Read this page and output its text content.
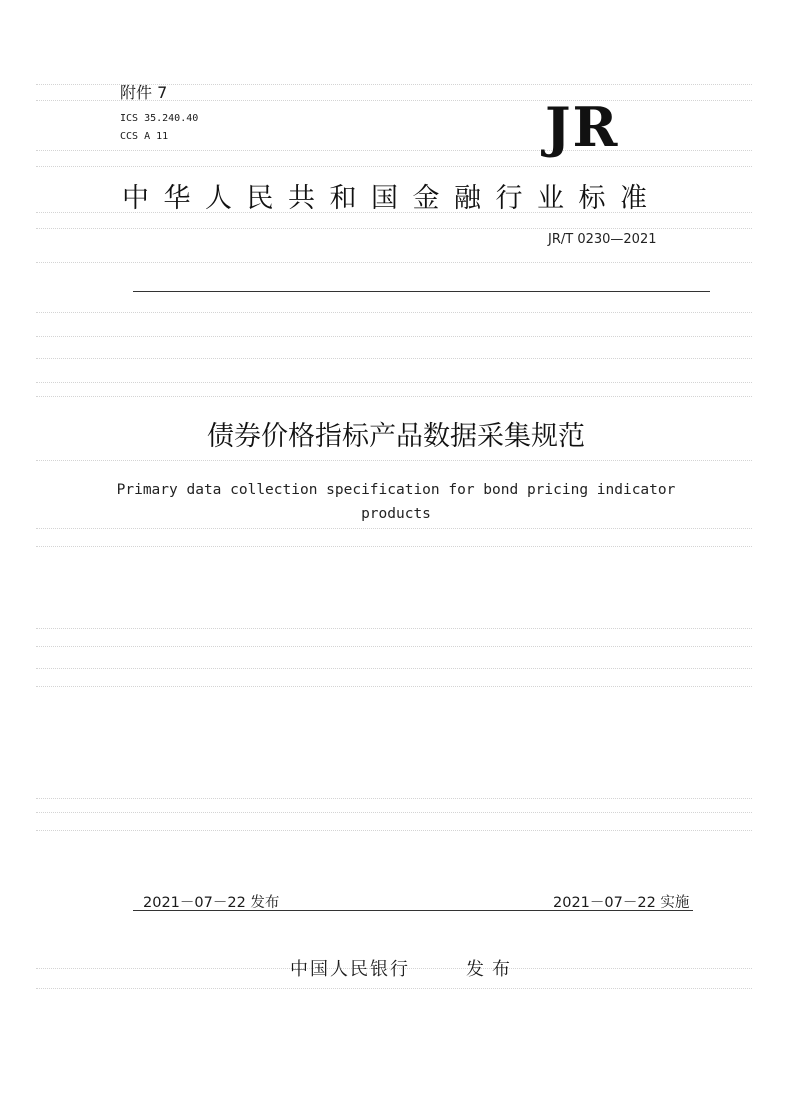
附件 7
ICS 35.240.40
CCS A 11	JR
中华人民共和国金融行业标准
JR/T 0230—2021
债券价格指标产品数据采集规范
Primary data collection specification for bond pricing indicator
products
2021－07－22 发布	2021－07－22 实施
中国人民银行	发布
